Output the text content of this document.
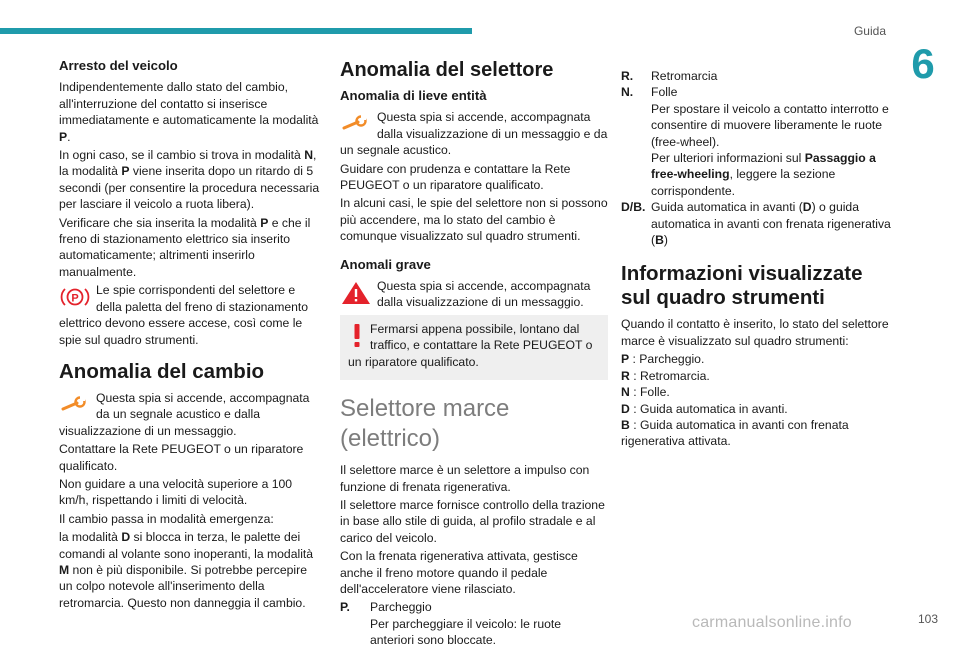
Guida
6

Arresto del veicolo

Indipendentemente dallo stato del cambio, all'interruzione del contatto si inserisce immediatamente e automaticamente la modalità P.

In ogni caso, se il cambio si trova in modalità N, la modalità P viene inserita dopo un ritardo di 5 secondi (per consentire la procedura necessaria per lasciare il veicolo a ruota libera).

Verificare che sia inserita la modalità P e che il freno di stazionamento elettrico sia inserito automaticamente; altrimenti inserirlo manualmente.

P

Le spie corrispondenti del selettore e della paletta del freno di stazionamento elettrico devono essere accese, così come le spie sul quadro strumenti.

Anomalia del cambio

Questa spia si accende, accompagnata da un segnale acustico e dalla visualizzazione di un messaggio.

Contattare la Rete PEUGEOT o un riparatore qualificato.

Non guidare a una velocità superiore a 100 km/h, rispettando i limiti di velocità.

Il cambio passa in modalità emergenza:

la modalità D si blocca in terza, le palette dei comandi al volante sono inoperanti, la modalità M non è più disponibile. Si potrebbe percepire un colpo notevole all'inserimento della retromarcia. Questo non danneggia il cambio.

Anomalia del selettore

Anomalia di lieve entità

Questa spia si accende, accompagnata dalla visualizzazione di un messaggio e da un segnale acustico.

Guidare con prudenza e contattare la Rete PEUGEOT o un riparatore qualificato.

In alcuni casi, le spie del selettore non si possono più accendere, ma lo stato del cambio è comunque visualizzato sul quadro strumenti.

Anomali grave

Questa spia si accende, accompagnata dalla visualizzazione di un messaggio.

Fermarsi appena possibile, lontano dal traffico, e contattare la Rete PEUGEOT o un riparatore qualificato.

Selettore marce (elettrico)

Il selettore marce è un selettore a impulso con funzione di frenata rigenerativa.

Il selettore marce fornisce controllo della trazione in base allo stile di guida, al profilo stradale e al carico del veicolo.

Con la frenata rigenerativa attivata, gestisce anche il freno motore quando il pedale dell'acceleratore viene rilasciato.

P.	Parcheggio
Per parcheggiare il veicolo: le ruote anteriori sono bloccate.
R.	Retromarcia
N.	Folle
Per spostare il veicolo a contatto interrotto e consentire di muovere liberamente le ruote (free-wheel).
Per ulteriori informazioni sul Passaggio a free-wheeling, leggere la sezione corrispondente.
D/B. Guida automatica in avanti (D) o guida automatica in avanti con frenata rigenerativa (B)

Informazioni visualizzate sul quadro strumenti

Quando il contatto è inserito, lo stato del selettore marce è visualizzato sul quadro strumenti:

P : Parcheggio.
R : Retromarcia.
N : Folle.
D : Guida automatica in avanti.
B : Guida automatica in avanti con frenata rigenerativa attivata.
carmanualsonline.info	103
